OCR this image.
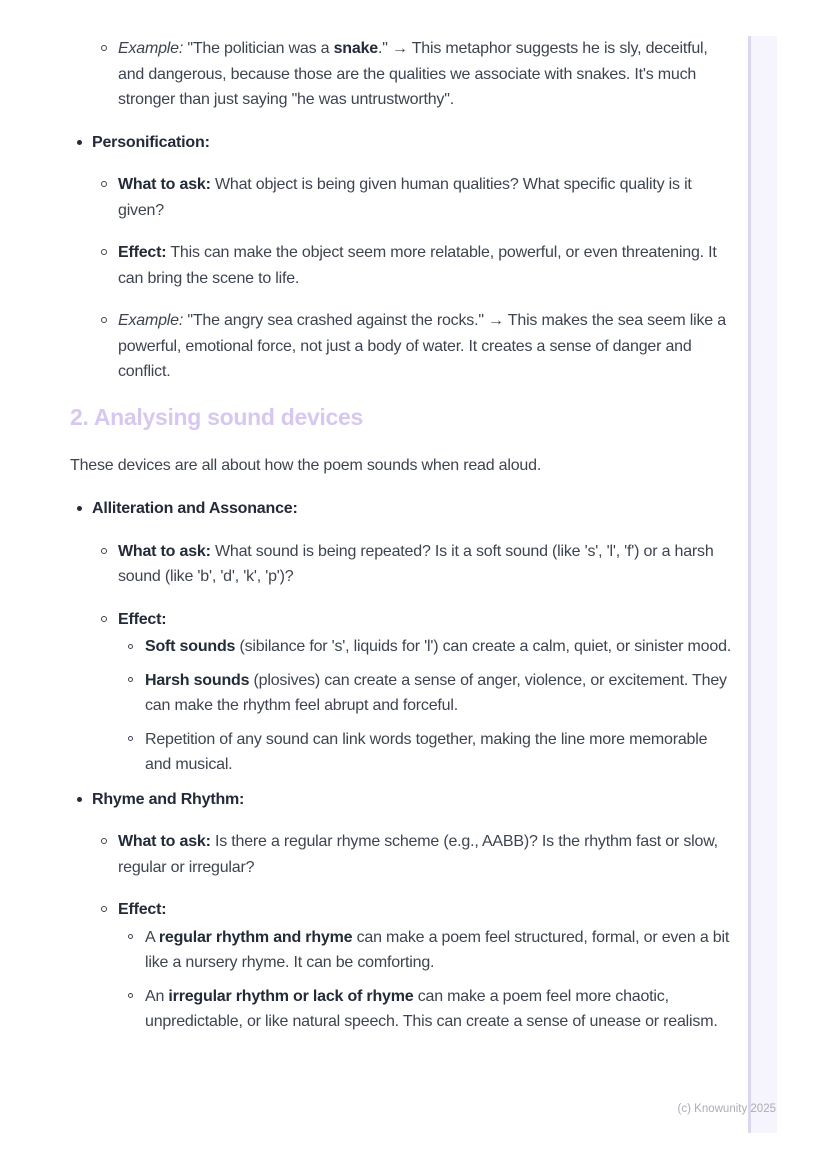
Example: "The politician was a snake." → This metaphor suggests he is sly, deceitful, and dangerous, because those are the qualities we associate with snakes. It's much stronger than just saying "he was untrustworthy".
Personification:
What to ask: What object is being given human qualities? What specific quality is it given?
Effect: This can make the object seem more relatable, powerful, or even threatening. It can bring the scene to life.
Example: "The angry sea crashed against the rocks." → This makes the sea seem like a powerful, emotional force, not just a body of water. It creates a sense of danger and conflict.
2. Analysing sound devices
These devices are all about how the poem sounds when read aloud.
Alliteration and Assonance:
What to ask: What sound is being repeated? Is it a soft sound (like 's', 'l', 'f') or a harsh sound (like 'b', 'd', 'k', 'p')?
Effect:
Soft sounds (sibilance for 's', liquids for 'l') can create a calm, quiet, or sinister mood.
Harsh sounds (plosives) can create a sense of anger, violence, or excitement. They can make the rhythm feel abrupt and forceful.
Repetition of any sound can link words together, making the line more memorable and musical.
Rhyme and Rhythm:
What to ask: Is there a regular rhyme scheme (e.g., AABB)? Is the rhythm fast or slow, regular or irregular?
Effect:
A regular rhythm and rhyme can make a poem feel structured, formal, or even a bit like a nursery rhyme. It can be comforting.
An irregular rhythm or lack of rhyme can make a poem feel more chaotic, unpredictable, or like natural speech. This can create a sense of unease or realism.
(c) Knowunity 2025
